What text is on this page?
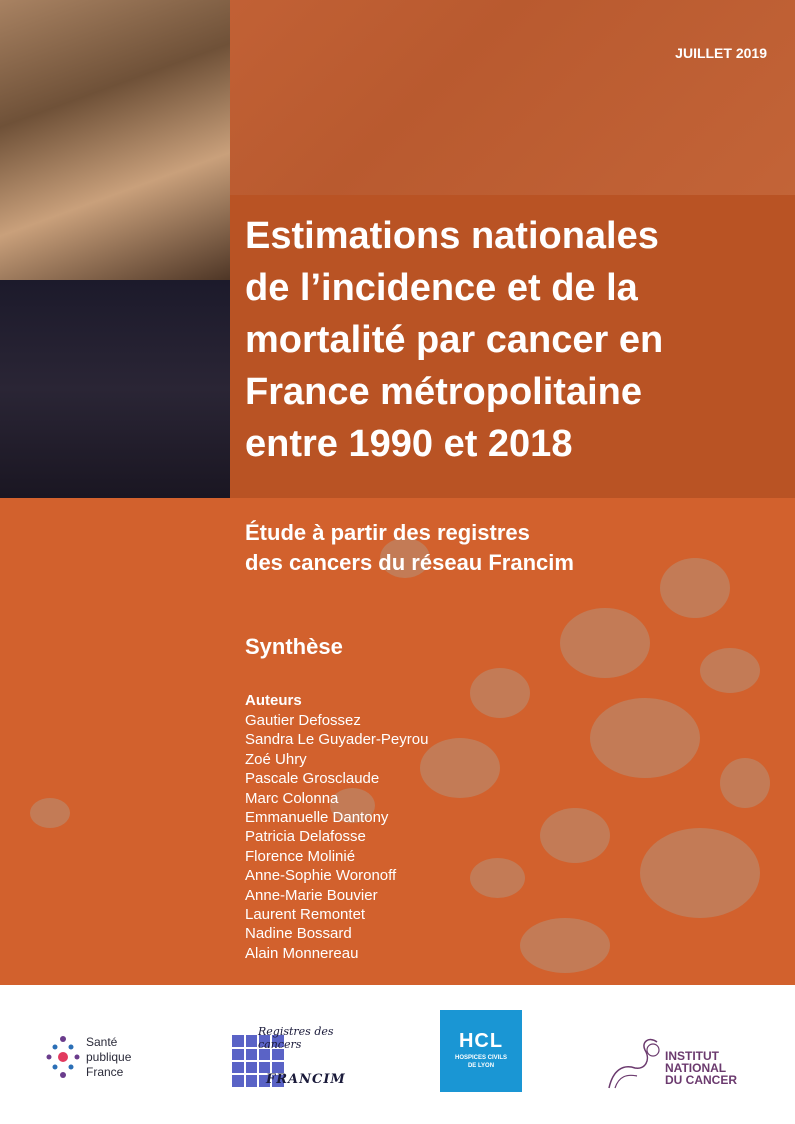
JUILLET 2019
Estimations nationales
de l’incidence et de la
mortalité par cancer en
France métropolitaine
entre 1990 et 2018
Étude à partir des registres
des cancers du réseau Francim
Synthèse
Auteurs
Gautier Defossez
Sandra Le Guyader-Peyrou
Zoé Uhry
Pascale Grosclaude
Marc Colonna
Emmanuelle Dantony
Patricia Delafosse
Florence Molinié
Anne-Sophie Woronoff
Anne-Marie Bouvier
Laurent Remontet
Nadine Bossard
Alain Monnereau
Santé
publique
France
Registres des cancers
FRANCIM
HCL
HOSPICES CIVILS
DE LYON
INSTITUT
NATIONAL
DU CANCER
